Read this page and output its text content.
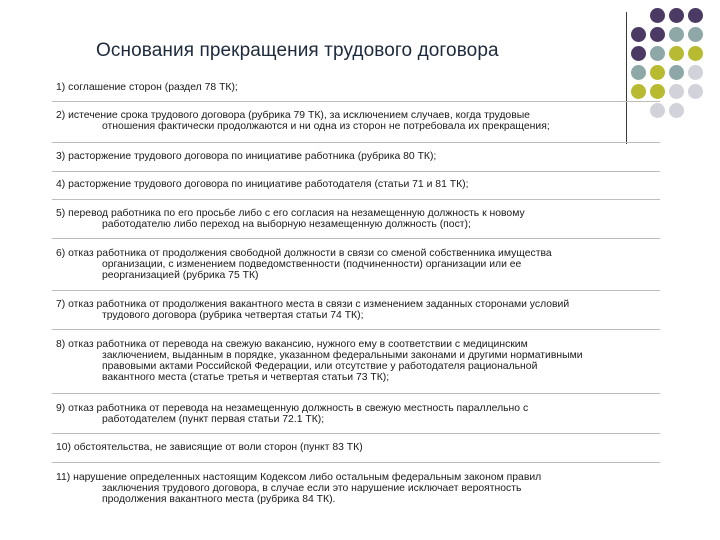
Основания прекращения трудового договора
1) соглашение сторон (раздел 78 ТК);
2) истечение срока трудового договора (рубрика 79 ТК), за исключением случаев, когда трудовые
отношения фактически продолжаются и ни одна из сторон не потребовала их прекращения;
3) расторжение трудового договора по инициативе работника (рубрика 80 ТК);
4) расторжение трудового договора по инициативе работодателя (статьи 71 и 81 ТК);
5) перевод работника по его просьбе либо с его согласия на незамещенную должность к новому
работодателю либо переход на выборную незамещенную должность (пост);
6) отказ работника от продолжения свободной должности в связи со сменой собственника имущества
организации, с изменением подведомственности (подчиненности) организации или ее
реорганизацией (рубрика 75 ТК)
7) отказ работника от продолжения вакантного места в связи с изменением заданных сторонами условий
трудового договора (рубрика четвертая статьи 74 ТК);
8) отказ работника от перевода на свежую вакансию, нужного ему в соответствии с медицинским
заключением, выданным в порядке, указанном федеральными законами и другими нормативными
правовыми актами Российской Федерации, или отсутствие у работодателя рациональной
вакантного места (статье третья и четвертая статьи 73 ТК);
9) отказ работника от перевода на незамещенную должность в свежую местность параллельно с
работодателем (пункт первая статьи 72.1 ТК);
10) обстоятельства, не зависящие от воли сторон (пункт 83 ТК)
11) нарушение определенных настоящим Кодексом либо остальным федеральным законом правил
заключения трудового договора, в случае если это нарушение исключает вероятность
продолжения вакантного места (рубрика 84 ТК).
